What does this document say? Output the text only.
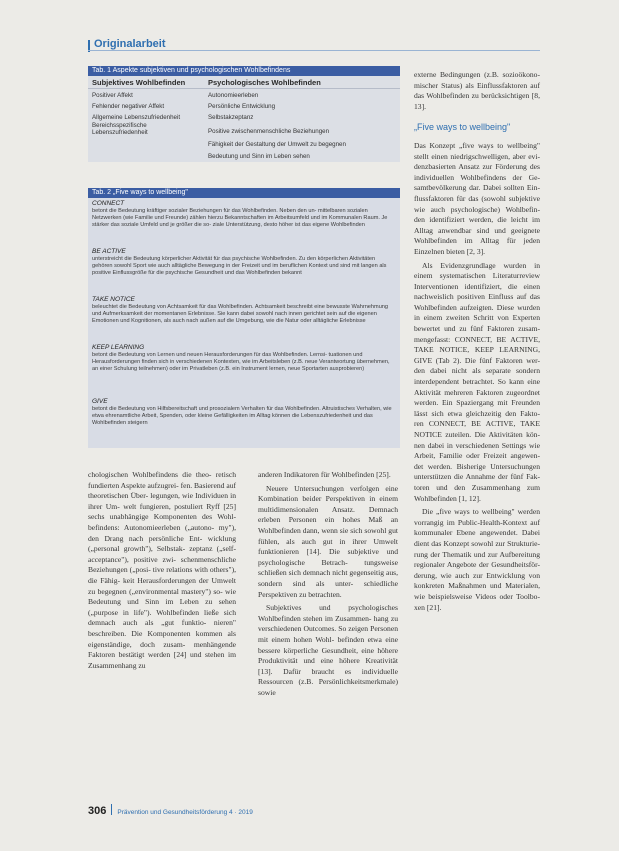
Originalarbeit
Tab. 1 Aspekte subjektiven und psychologischen Wohlbefindens
Subjektives Wohlbefinden	Psychologisches Wohlbefinden
Positiver Affekt
Fehlender negativer Affekt
Allgemeine Lebenszufriedenheit
Bereichsspezifische Lebenszufriedenheit
Autonomieerleben
Persönliche Entwicklung
Selbstakzeptanz
Positive zwischenmenschliche Beziehungen
Fähigkeit der Gestaltung der Umwelt zu begegnen
Bedeutung und Sinn im Leben sehen
Tab. 2 „Five ways to wellbeing"
CONNECT
betont die Bedeutung kräftiger sozialer Beziehungen für das Wohlbefinden. Neben den un- mittelbaren sozialen Netzwerken (wie Familie und Freunde) zählen hierzu Bekanntschaften im Arbeitsumfeld und im Kommunalen Raum. Je stärker das soziale Umfeld und je größer die so- ziale Unterstützung, desto höher ist das eigene Wohlbefinden
BE ACTIVE
unterstreicht die Bedeutung körperlicher Aktivität für das psychische Wohlbefinden. Zu den körperlichen Aktivitäten gehören sowohl Sport wie auch alltägliche Bewegung in der Freizeit und im beruflichen Kontext und sind mit langen als positive Einflussgröße für die psychische Gesundheit und das Wohlbefinden bekannt
TAKE NOTICE
beleuchtet die Bedeutung von Achtsamkeit für das Wohlbefinden. Achtsamkeit beschreibt eine bewusste Wahrnehmung und Aufmerksamkeit der momentanen Erlebnisse. Sie kann dabei sowohl nach innen gerichtet sein auf die eigenen Emotionen und Kognitionen, als auch nach außen auf die Umgebung, wie die Natur oder alltägliche Erlebnisse
KEEP LEARNING
betont die Bedeutung von Lernen und neuen Herausforderungen für das Wohlbefinden. Lernsi- tuationen und Herausforderungen finden sich in verschiedenen Kontexten, wie im Arbeitsleben (z.B. neue Verantwortung übernehmen, an einer Schulung teilnehmen) oder im Privatleben (z.B. ein Instrument lernen, neue Sportarten ausprobieren)
GIVE
betont die Bedeutung von Hilfsbereitschaft und prosozialem Verhalten für das Wohlbefinden. Altruistisches Verhalten, wie etwa ehrenamtliche Arbeit, Spenden, oder kleine Gefälligkeiten im Alltag können die Lebenszufriedenheit und das Wohlbefinden steigern

chologischen Wohlbefindens die theo- retisch fundierten Aspekte aufzugrei- fen. Basierend auf theoretischen Über- legungen, wie Individuen in ihrer Um- welt fungieren, postuliert Ryff [25] sechs unabhängige Komponenten des Wohl- befindens: Autonomieerleben („autono- my"), den Drang nach persönliche Ent- wicklung („personal growth"), Selbstak- zeptanz („self-acceptance"), positive zwi- schenmenschliche Beziehungen („posi- tive relations with others"), die Fähig- keit Herausforderungen der Umwelt zu begegnen („environmental mastery") so- wie Bedeutung und Sinn im Leben zu sehen („purpose in life"). Wohlbefinden ließe sich demnach auch als „gut funktio- nieren" beschreiben. Die Komponenten kommen als eigenständige, doch zusam- menhängende Faktoren bestätigt werden [24] und stehen im Zusammenhang zu

anderen Indikatoren für Wohlbefinden [25].

Neuere Untersuchungen verfolgen eine Kombination beider Perspektiven in einem multidimensionalen Ansatz. Demnach erleben Personen ein hohes Maß an Wohlbefinden dann, wenn sie sich sowohl gut fühlen, als auch gut in ihrer Umwelt funktionieren [14]. Die subjektive und psychologische Betrach- tungsweise schließen sich demnach nicht gegenseitig aus, sondern sind als unter- schiedliche Perspektiven zu betrachten.

Subjektives und psychologisches Wohlbefinden stehen im Zusammen- hang zu verschiedenen Outcomes. So zeigen Personen mit einem hohen Wohl- befinden etwa eine bessere körperliche Gesundheit, eine höhere Produktivität und eine höhere Kreativität [13]. Dafür braucht es individuelle Ressourcen (z.B. Persönlichkeitsmerkmale) sowie

externe Bedingungen (z.B. sozioökono- mischer Status) als Einflussfaktoren auf das Wohlbefinden zu berücksichtigen [8, 13].

„Five ways to wellbeing"

Das Konzept „five ways to wellbeing" stellt einen niedrigschwelligen, aber evi- denzbasierten Ansatz zur Förderung des individuellen Wohlbefindens der Ge- samtbevölkerung dar. Dabei sollten Ein- flussfaktoren für das (sowohl subjektive wie auch psychologische) Wohlbefin- den identifiziert werden, die leicht im Alltag anwendbar sind und geeignete Wohlbefinden im Alltag für jeden Einzelnen bieten [2, 3].

Als Evidenzgrundlage wurden in einem systematischen Literaturreview Interventionen identifiziert, die einen nachweislich positiven Einfluss auf das Wohlbefinden aufzeigten. Diese wurden in einem zweiten Schritt von Experten bewertet und zu fünf Faktoren zusam- mengefasst: CONNECT, BE ACTIVE, TAKE NOTICE, KEEP LEARNING, GIVE (Tab 2). Die fünf Faktoren wer- den dabei nicht als separate sondern interdependent betrachtet. So kann eine Aktivität mehreren Faktoren zugeordnet werden. Ein Spaziergang mit Freunden lässt sich etwa gleichzeitig den Fakto- ren CONNECT, BE ACTIVE, TAKE NOTICE zuteilen. Die Aktivitäten kön- nen dabei in verschiedenen Settings wie Arbeit, Familie oder Freizeit angewen- det werden. Bisherige Untersuchungen unterstützen die Annahme der fünf Fak- toren und den Zusammenhang zum Wohlbefinden [1, 12].

Die „five ways to wellbeing" werden vorrangig im Public-Health-Kontext auf kommunaler Ebene angewendet. Dabei dient das Konzept sowohl zur Strukturie- rung der Thematik und zur Aufbereitung regionaler Angebote der Gesundheitsför- derung, wie auch zur Entwicklung von konkreten Maßnahmen und Materialen, wie beispielsweise Videos oder Toolbo- xen [21].

306 Prävention und Gesundheitsförderung 4 · 2019
